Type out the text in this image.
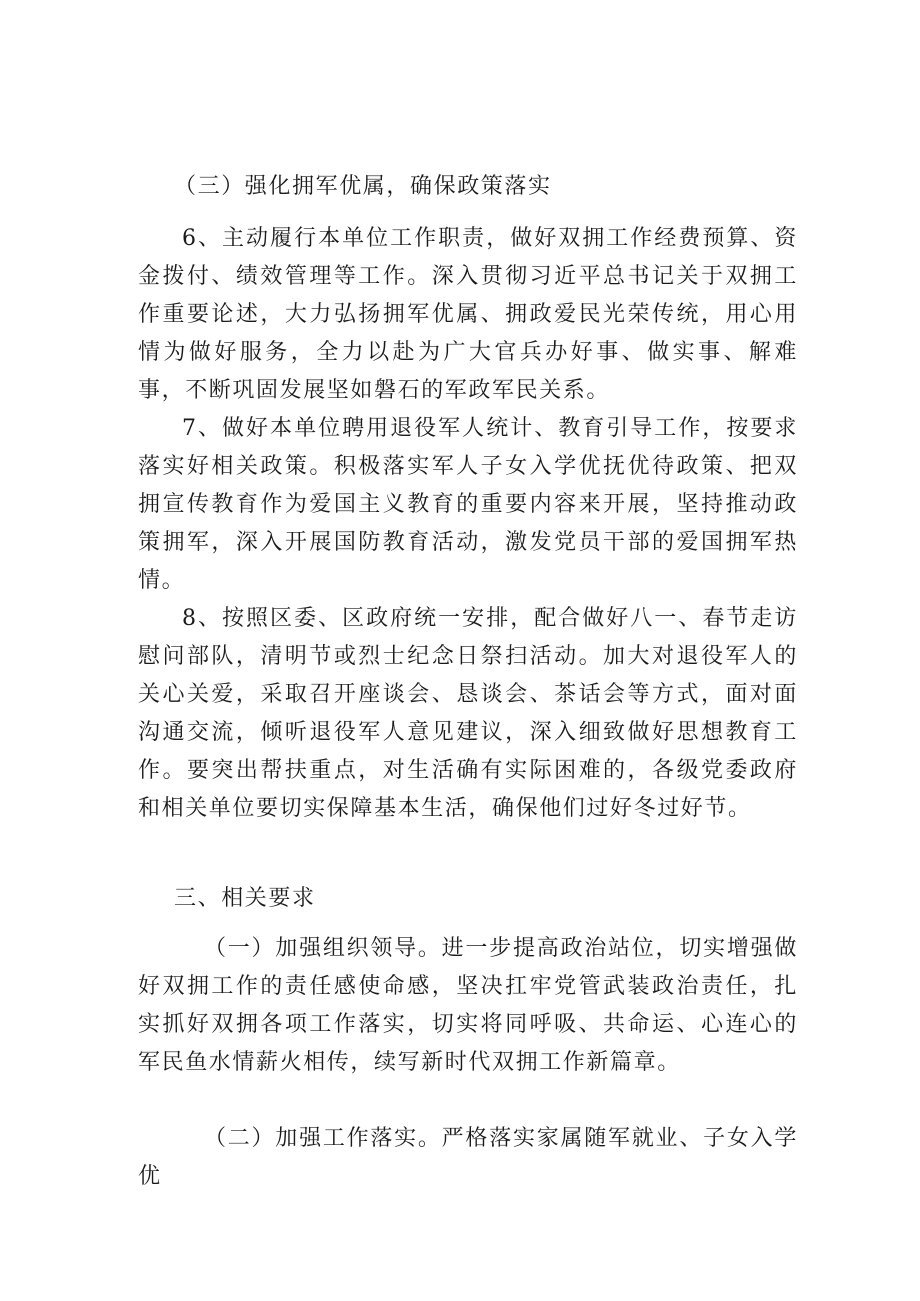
（三）强化拥军优属，确保政策落实

6、主动履行本单位工作职责，做好双拥工作经费预算、资金拨付、绩效管理等工作。深入贯彻习近平总书记关于双拥工作重要论述，大力弘扬拥军优属、拥政爱民光荣传统，用心用情为做好服务，全力以赴为广大官兵办好事、做实事、解难事，不断巩固发展坚如磐石的军政军民关系。

7、做好本单位聘用退役军人统计、教育引导工作，按要求落实好相关政策。积极落实军人子女入学优抚优待政策、把双拥宣传教育作为爱国主义教育的重要内容来开展，坚持推动政策拥军，深入开展国防教育活动，激发党员干部的爱国拥军热情。

8、按照区委、区政府统一安排，配合做好八一、春节走访慰问部队，清明节或烈士纪念日祭扫活动。加大对退役军人的关心关爱，采取召开座谈会、恳谈会、茶话会等方式，面对面沟通交流，倾听退役军人意见建议，深入细致做好思想教育工作。要突出帮扶重点，对生活确有实际困难的，各级党委政府和相关单位要切实保障基本生活，确保他们过好冬过好节。

三、相关要求

（一）加强组织领导。进一步提高政治站位，切实增强做好双拥工作的责任感使命感，坚决扛牢党管武装政治责任，扎实抓好双拥各项工作落实，切实将同呼吸、共命运、心连心的军民鱼水情薪火相传，续写新时代双拥工作新篇章。

（二）加强工作落实。严格落实家属随军就业、子女入学优
